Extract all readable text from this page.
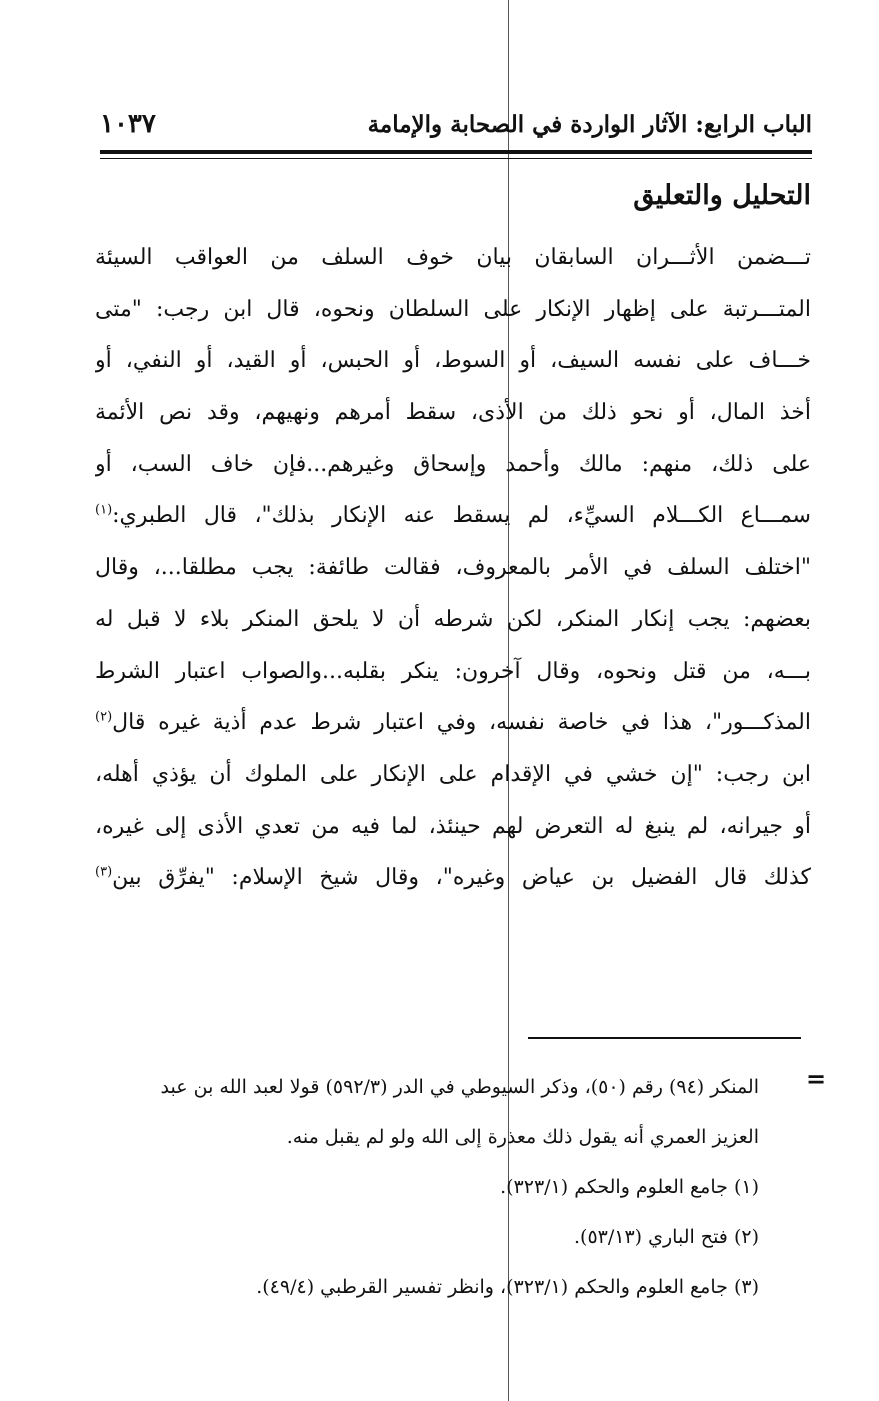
الباب الرابع: الآثار الواردة في الصحابة والإمامة
١٠٣٧
التحليل والتعليق
تـــضمن الأثـــران السابقان بيان خوف السلف من العواقب السيئة
المتـــرتبة على إظهار الإنكار على السلطان ونحوه، قال ابن رجب: "متى
خـــاف على نفسه السيف، أو السوط، أو الحبس، أو القيد، أو النفي، أو
أخذ المال، أو نحو ذلك من الأذى، سقط أمرهم ونهيهم، وقد نص الأئمة
على ذلك، منهم: مالك وأحمد وإسحاق وغيرهم...فإن خاف السب، أو
سمـــاع الكـــلام السيِّء، لم يسقط عنه الإنكار بذلك"، قال الطبري:$^{(١)}$
"اختلف السلف في الأمر بالمعروف، فقالت طائفة: يجب مطلقا...، وقال
بعضهم: يجب إنكار المنكر، لكن شرطه أن لا يلحق المنكر بلاء لا قبل له
بـــه، من قتل ونحوه، وقال آخرون: ينكر بقلبه...والصواب اعتبار الشرط
المذكـــور"، هذا في خاصة نفسه، وفي اعتبار شرط عدم أذية غيره قال$^{(٢)}$
ابن رجب: "إن خشي في الإقدام على الإنكار على الملوك أن يؤذي أهله،
أو جيرانه، لم ينبغ له التعرض لهم حينئذ، لما فيه من تعدي الأذى إلى غيره،
كذلك قال الفضيل بن عياض وغيره"، وقال شيخ الإسلام: "يفرِّق بين$^{(٣)}$
=
المنكر (٩٤) رقم (٥٠)، وذكر السيوطي في الدر (٥٩٢/٣) قولا لعبد الله بن عبد
العزيز العمري أنه يقول ذلك معذرة إلى الله ولو لم يقبل منه.
(١) جامع العلوم والحكم (٣٢٣/١).
(٢) فتح الباري (٥٣/١٣).
(٣) جامع العلوم والحكم (٣٢٣/١)، وانظر تفسير القرطبي (٤٩/٤).
